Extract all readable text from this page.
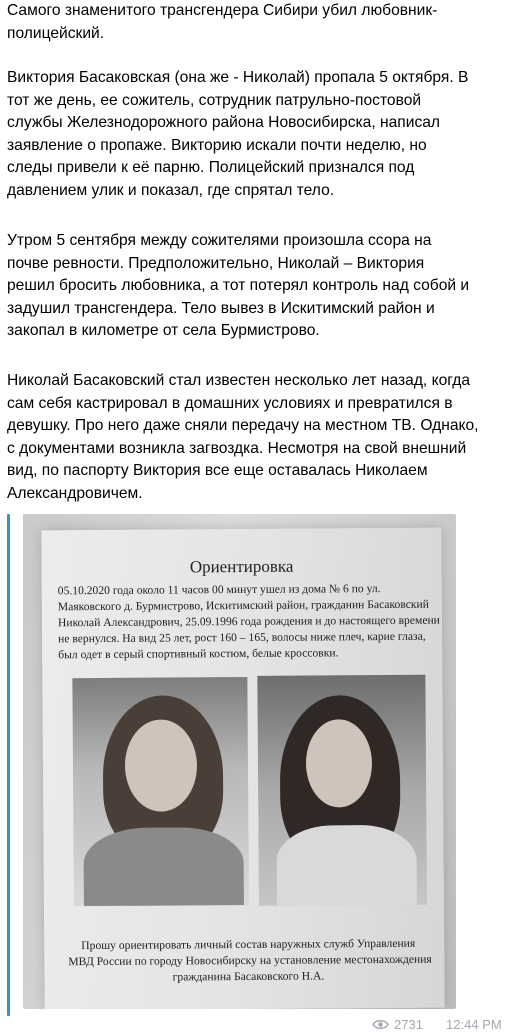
Самого знаменитого трансгендера Сибири убил любовник-
полицейский.
Виктория Басаковская (она же - Николай) пропала 5 октября. В
тот же день, ее сожитель, сотрудник патрульно-постовой
службы Железнодорожного района Новосибирска, написал
заявление о пропаже. Викторию искали почти неделю, но
следы привели к её парню. Полицейский признался под
давлением улик и показал, где спрятал тело.
Утром 5 сентября между сожителями произошла ссора на
почве ревности. Предположительно, Николай – Виктория
решил бросить любовника, а тот потерял контроль над собой и
задушил трансгендера. Тело вывез в Искитимский район и
закопал в километре от села Бурмистрово.
Николай Басаковский стал известен несколько лет назад, когда
сам себя кастрировал в домашних условиях и превратился в
девушку. Про него даже сняли передачу на местном ТВ. Однако,
с документами возникла загвоздка. Несмотря на свой внешний
вид, по паспорту Виктория все еще оставалась Николаем
Александровичем.
Ориентировка
05.10.2020 года около 11 часов 00 минут ушел из дома № 6 по ул.
Маяковского д. Бурмистрово, Искитимский район, гражданин Басаковский
Николай Александрович, 25.09.1996 года рождения и до настоящего времени
не вернулся. На вид 25 лет, рост 160 – 165, волосы ниже плеч, карие глаза,
был одет в серый спортивный костюм, белые кроссовки.
Прошу ориентировать личный состав наружных служб Управления
МВД России по городу Новосибирску на установление местонахождения
гражданина Басаковского Н.А.
2731 12:44 PM
